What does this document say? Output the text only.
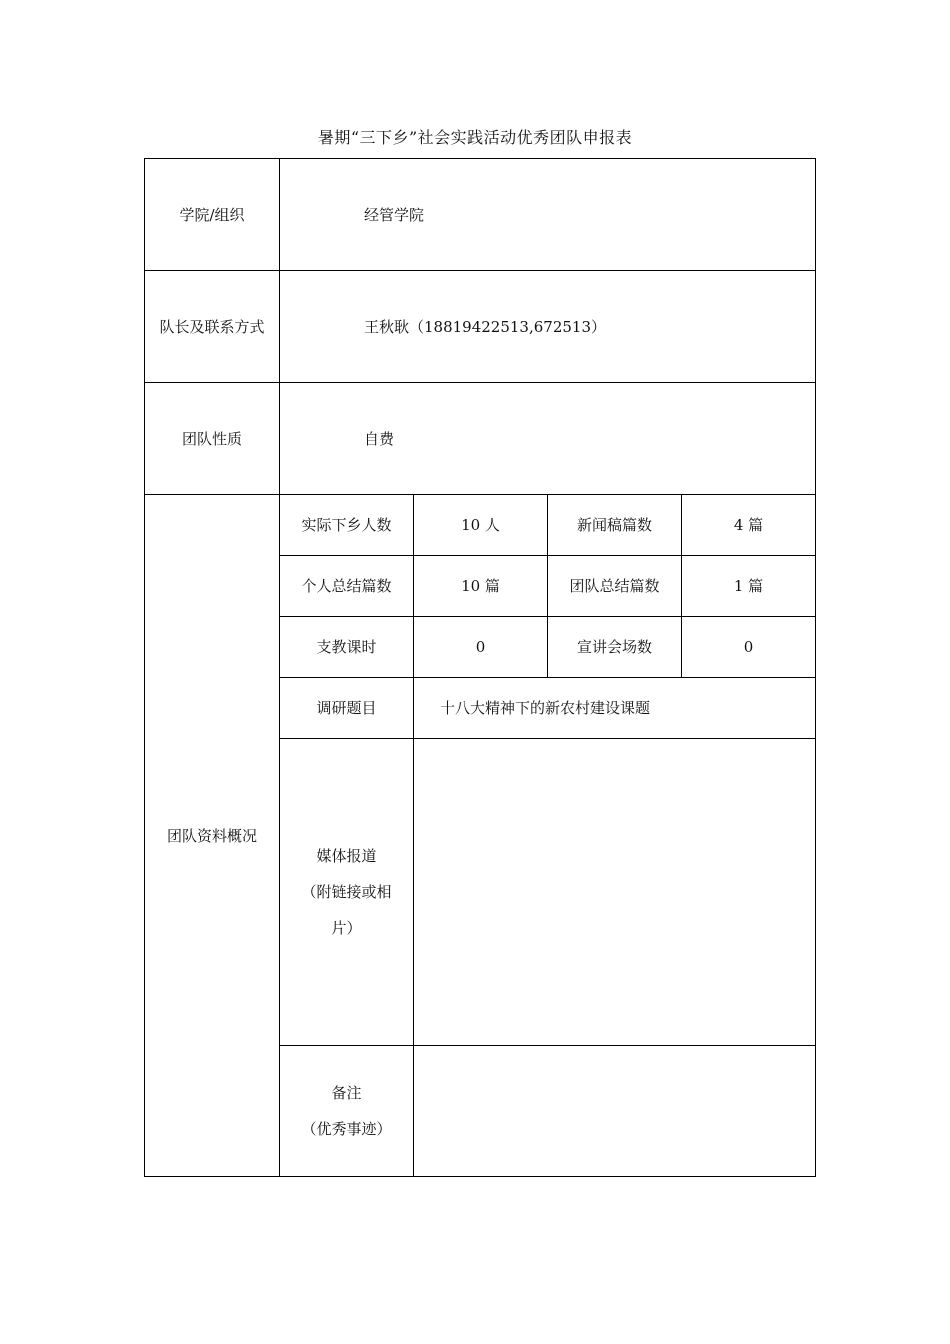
暑期“三下乡”社会实践活动优秀团队申报表
学院/组织	经管学院			
队长及联系方式	王秋耿（18819422513,672513）			
团队性质	自费			
团队资料概况	实际下乡人数	10 人	新闻稿篇数	4 篇
	个人总结篇数	10 篇	团队总结篇数	1 篇
	支教课时	0	宣讲会场数	0
	调研题目	十八大精神下的新农村建设课题		

	媒体报道
（附链接或相
片）			

	备注
（优秀事迹）			
